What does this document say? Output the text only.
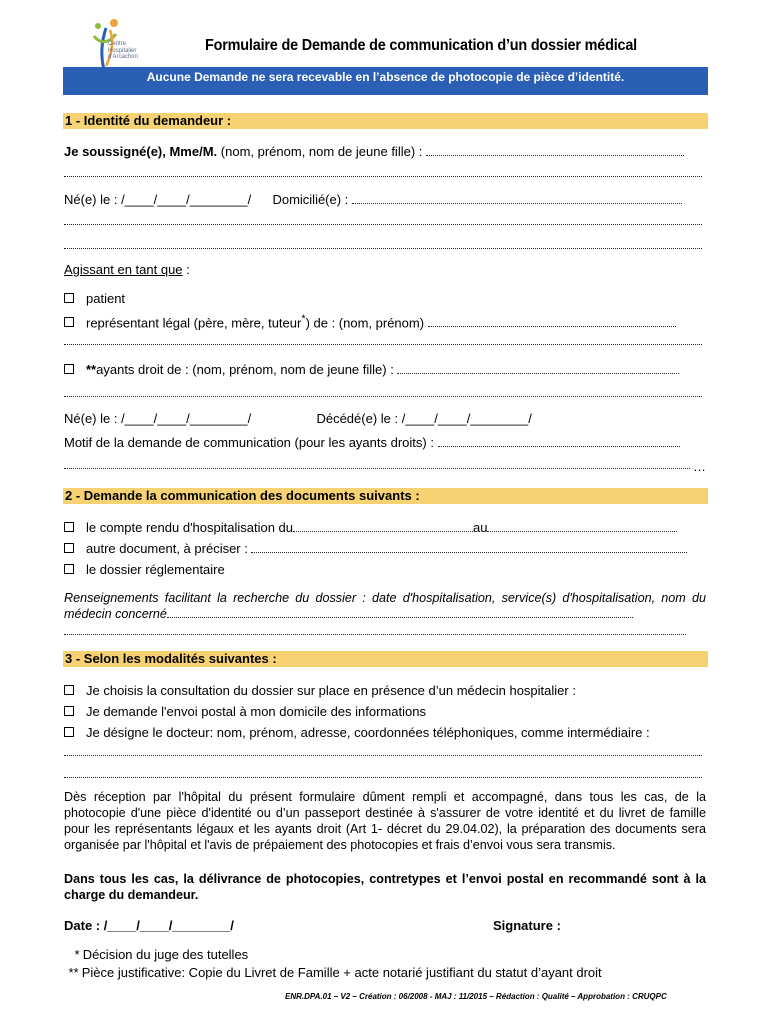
Centre
Hospitalier
d'Arcachon
Formulaire de Demande de communication d’un dossier médical
Aucune Demande ne sera recevable en l’absence de photocopie de pièce d’identité.
1 - Identité du demandeur :
Je soussigné(e), Mme/M. (nom, prénom, nom de jeune fille) :
Né(e) le : /____/____/________/ Domicilié(e) :
Agissant en tant que :
patient
représentant légal (père, mère, tuteur*) de : (nom, prénom)
**ayants droit de : (nom, prénom, nom de jeune fille) :
Né(e) le : /____/____/________/	Décédé(e) le : /____/____/________/
Motif de la demande de communication (pour les ayants droits) :
…
2 - Demande la communication des documents suivants :
le compte rendu d'hospitalisation du	au
autre document, à préciser :
le dossier réglementaire
Renseignements facilitant la recherche du dossier : date d'hospitalisation, service(s) d'hospitalisation, nom du médecin concerné
3 - Selon les modalités suivantes :
Je choisis la consultation du dossier sur place en présence d’un médecin hospitalier :
Je demande l'envoi postal à mon domicile des informations
Je désigne le docteur: nom, prénom, adresse, coordonnées téléphoniques, comme intermédiaire :
Dès réception par l'hôpital du présent formulaire dûment rempli et accompagné, dans tous les cas, de la photocopie d'une pièce d'identité ou d’un passeport destinée à s'assurer de votre identité et du livret de famille pour les représentants légaux et les ayants droit (Art 1- décret du 29.04.02), la préparation des documents sera organisée par l'hôpital et l'avis de prépaiement des photocopies et frais d’envoi vous sera transmis.
Dans tous les cas, la délivrance de photocopies, contretypes et l’envoi postal en recommandé sont à la charge du demandeur.
Date : /____/____/________/	Signature :
* Décision du juge des tutelles
** Pièce justificative: Copie du Livret de Famille + acte notarié justifiant du statut d’ayant droit
ENR.DPA.01 – V2 – Création : 06/2008 - MAJ : 11/2015 – Rédaction : Qualité – Approbation : CRUQPC
